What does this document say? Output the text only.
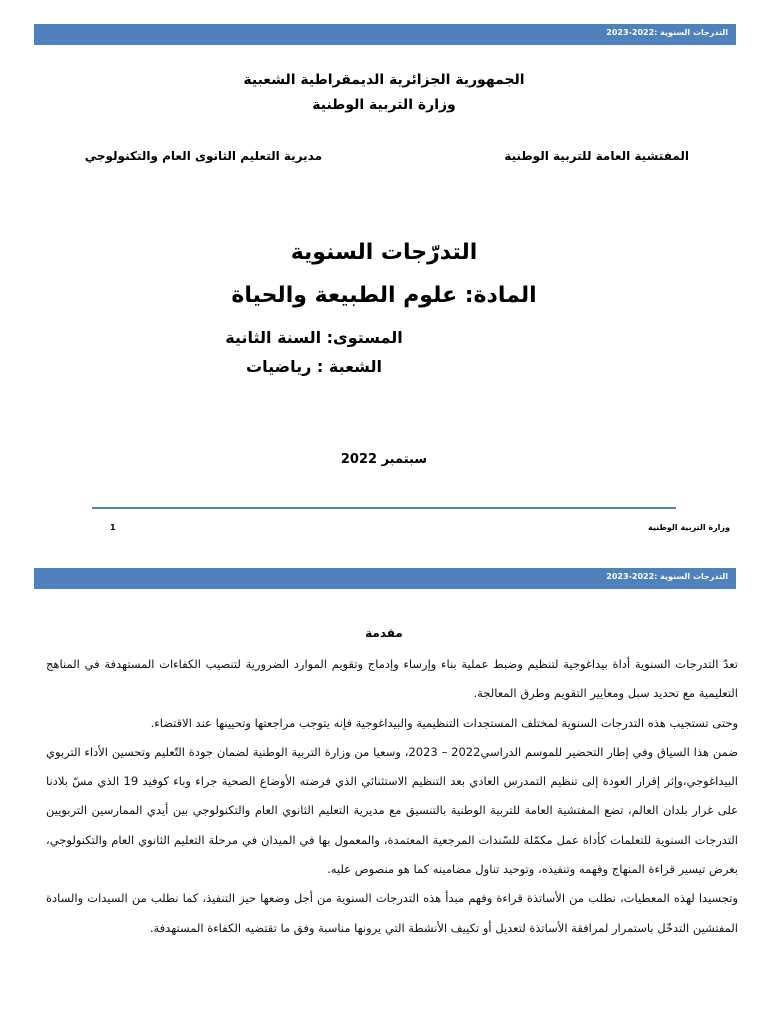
التدرجات السنوية :2022-2023
الجمهورية الجزائرية الديمقراطية الشعبية
وزارة التربية الوطنية
المفتشية العامة للتربية الوطنية
مديرية التعليم الثانوى العام والتكنولوجي
التدرّجات السنوية
المادة: علوم الطبيعة والحياة
المستوى: السنة الثانية
الشعبة : رياضيات
سبتمبر 2022
وزارة التربية الوطنية
1
التدرجات السنوية :2022-2023
مقدمة

تعدّ التدرجات السنوية أداة بيداغوجية لتنظيم وضبط عملية بناء وإرساء وإدماج وتقويم الموارد الضرورية لتنصيب الكفاءات المستهدفة في المناهج التعليمية مع تحديد سبل ومعايير التقويم وطرق المعالجة.

وحتى تستجيب هذه التدرجات السنوية لمختلف المستجدات التنظيمية والبيداغوجية فإنه يتوجب مراجعتها وتحيينها عند الاقتضاء.

ضمن هذا السياق وفي إطار التحضير للموسم الدراسي2022 – 2023، وسعيا من وزارة التربية الوطنية لضمان جودة التّعليم وتحسين الأداء التربوي البيداغوجي،وإثر إقرار العودة إلى تنظيم التمدرس العادي بعد التنظيم الاستثنائي الذي فرضته الأوضاع الصحية جراء وباء كوفيد 19 الذي مسّ بلادنا على غرار بلدان العالم، تضع المفتشية العامة للتربية الوطنية بالتنسيق مع مديرية التعليم الثانوي العام والتكنولوجي بين أيدي الممارسين التربويين التدرجات السنوية للتعلمات كأداة عمل مكمّلة للسّندات المرجعية المعتمدة، والمعمول بها في الميدان في مرحلة التعليم الثانوي العام والتكنولوجي، بغرض تيسير قراءة المنهاج وفهمه وتنفيذه، وتوحيد تناول مضامينه كما هو منصوص عليه.

وتجسيدا لهذه المعطيات، نطلب من الأساتذة قراءة وفهم مبدأ هذه التدرجات السنوية من أجل وضعها حيز التنفيذ، كما نطلب من السيدات والسادة المفتشين التدخّل باستمرار لمرافقة الأساتذة لتعديل أو تكييف الأنشطة التي يرونها مناسبة وفق ما تقتضيه الكفاءة المستهدفة.
